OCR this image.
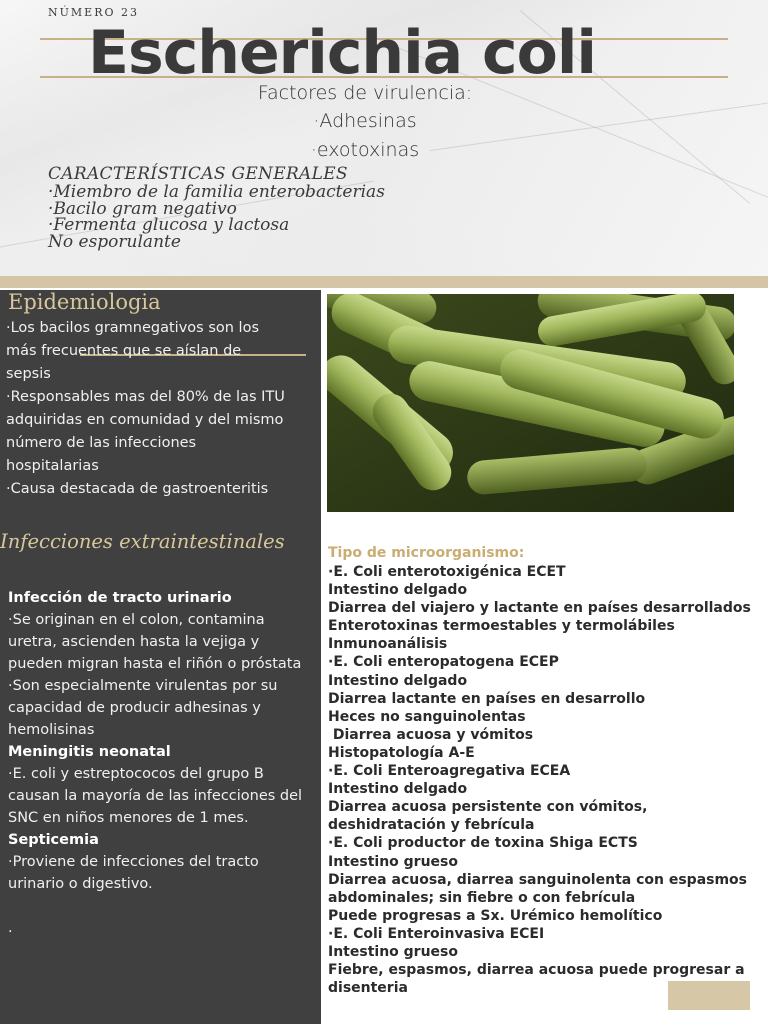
NÚMERO 23
Escherichia coli
Factores de virulencia:
·Adhesinas
·exotoxinas
CARACTERÍSTICAS GENERALES
·Miembro de la familia enterobacterias
·Bacilo gram negativo
·Fermenta glucosa y lactosa
No esporulante
Epidemiologia
·Los bacilos gramnegativos son los
más frecuentes que se aíslan de
sepsis
·Responsables mas del 80% de las ITU
adquiridas en comunidad y del mismo
número de las infecciones
hospitalarias
·Causa destacada de gastroenteritis
Infecciones extraintestinales
Infección de tracto urinario
·Se originan en el colon, contamina
uretra, ascienden hasta la vejiga y
pueden migran hasta el riñón o próstata
·Son especialmente virulentas por su
capacidad de producir adhesinas y
hemolisinas
Meningitis neonatal
·E. coli y estreptococos del grupo B
causan la mayoría de las infecciones del
SNC en niños menores de 1 mes.
Septicemia
·Proviene de infecciones del tracto
urinario o digestivo.

.
Tipo de microorganismo:
·E. Coli enterotoxigénica ECET
Intestino delgado
Diarrea del viajero y lactante en países desarrollados
Enterotoxinas termoestables y termolábiles
Inmunoanálisis
·E. Coli enteropatogena ECEP
Intestino delgado
Diarrea lactante en países en desarrollo
Heces no sanguinolentas
Diarrea acuosa y vómitos
Histopatología A-E
·E. Coli Enteroagregativa ECEA
Intestino delgado
Diarrea acuosa persistente con vómitos,
deshidratación y febrícula
·E. Coli productor de toxina Shiga ECTS
Intestino grueso
Diarrea acuosa, diarrea sanguinolenta con espasmos
abdominales; sin fiebre o con febrícula
Puede progresas a Sx. Urémico hemolítico
·E. Coli Enteroinvasiva ECEI
Intestino grueso
Fiebre, espasmos, diarrea acuosa puede progresar a
disenteria
